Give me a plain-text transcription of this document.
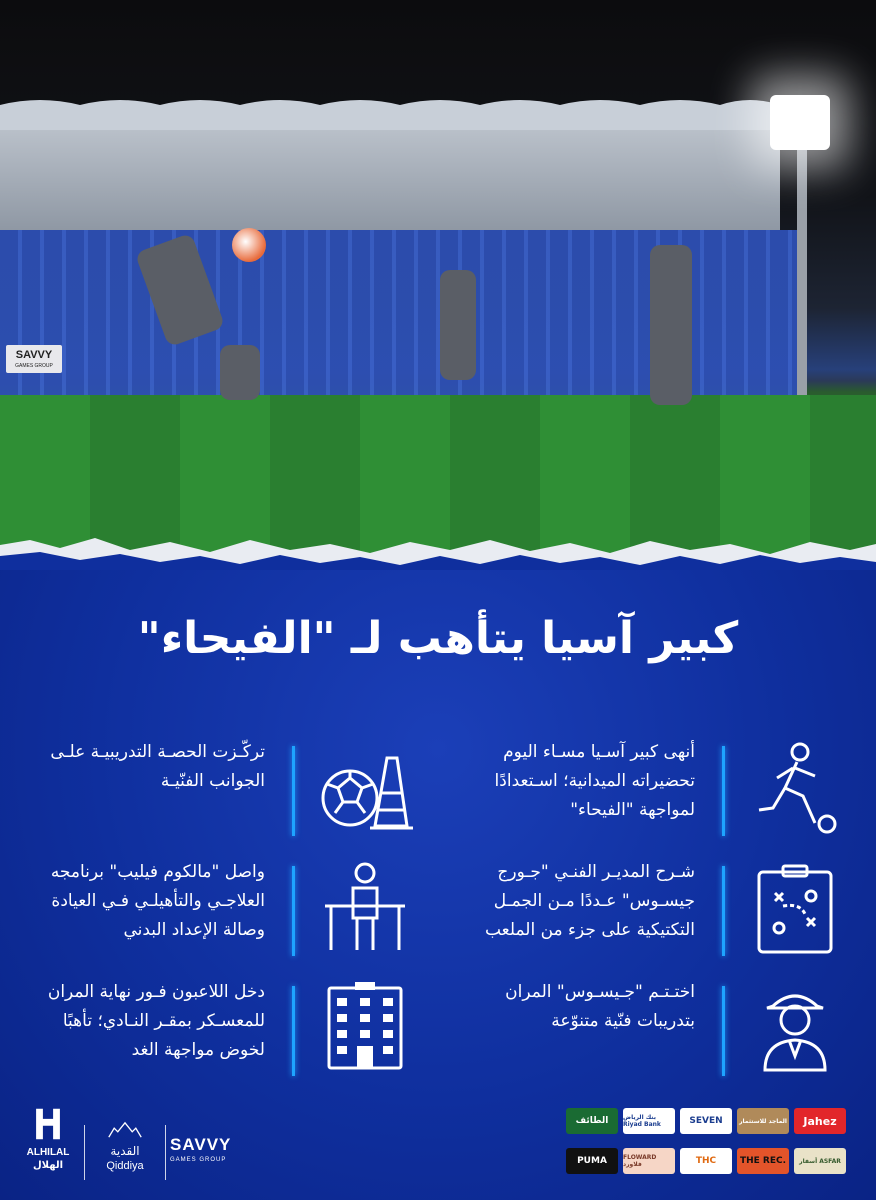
SAVVY
GAMES GROUP
كبير آسيا يتأهب لـ "الفيحاء"
تركّـزت الحصـة التدريبيـة علـى الجوانب الفنّيـة
واصل "مالكوم فيليب" برنامجه العلاجـي والتأهيلـي فـي العيادة وصالة الإعداد البدني
دخل اللاعبون فـور نهاية المران للمعسـكر بمقـر النـادي؛ تأهبًا لخوض مواجهة الغد
أنهى كبير آسـيا مسـاء اليوم تحضيراته الميدانية؛ اسـتعدادًا لمواجهة "الفيحاء"
شـرح المديـر الفنـي "جـورج جيسـوس" عـددًا مـن الجمـل التكتيكية على جزء من الملعب
اختـتـم "جـيسـوس" المران بتدريبات فنّية متنوّعة
ALHILAL
الهلال
القدية
Qiddiya
SAVVY
GAMES GROUP
الطائف	بنك الرياض Riyad Bank	SEVEN	الماجد للاستثمار	Jahez
PUMA	FLOWARD فلاورد	THC	THE REC.	أسفار ASFAR
